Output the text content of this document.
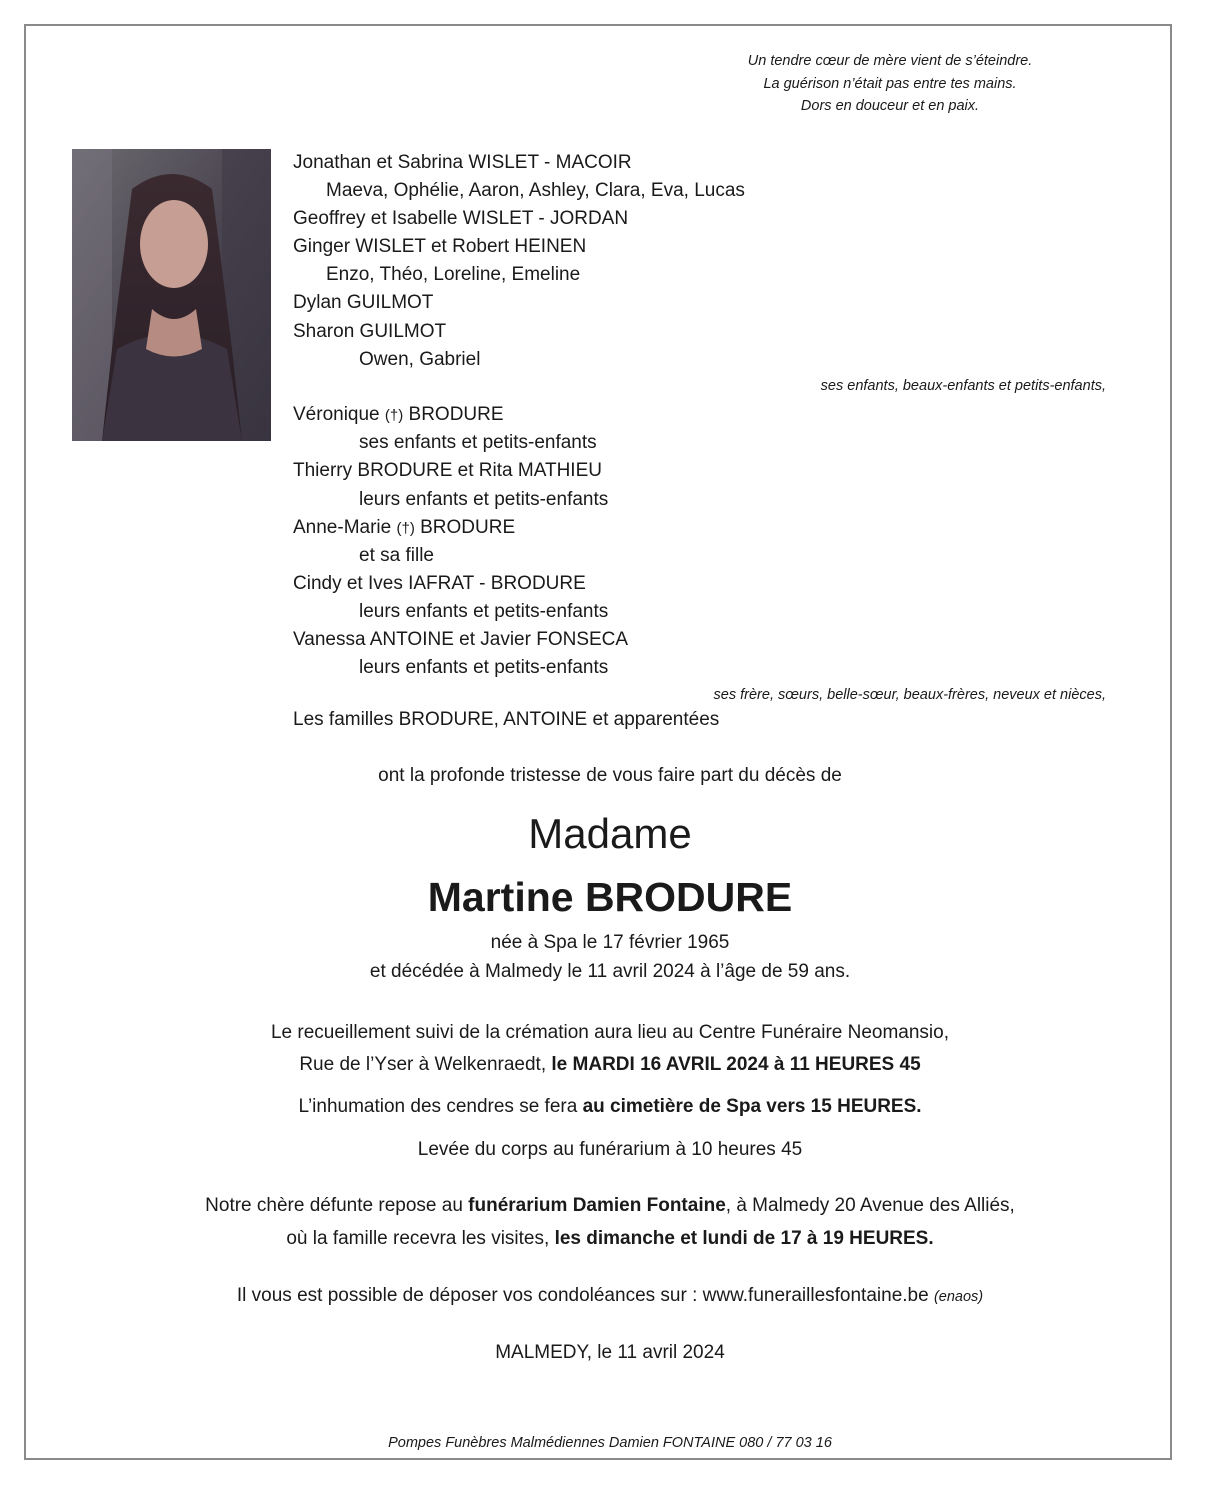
Un tendre cœur de mère vient de s’éteindre.
La guérison n’était pas entre tes mains.
Dors en douceur et en paix.
Jonathan et Sabrina WISLET - MACOIR
Maeva, Ophélie, Aaron, Ashley, Clara, Eva, Lucas
Geoffrey et Isabelle WISLET - JORDAN
Ginger WISLET et Robert HEINEN
Enzo, Théo, Loreline, Emeline
Dylan GUILMOT
Sharon GUILMOT
Owen, Gabriel
ses enfants, beaux-enfants et petits-enfants,
Véronique (†) BRODURE
ses enfants et petits-enfants
Thierry BRODURE et Rita MATHIEU
leurs enfants et petits-enfants
Anne-Marie (†) BRODURE
et sa fille
Cindy et Ives IAFRAT - BRODURE
leurs enfants et petits-enfants
Vanessa ANTOINE et Javier FONSECA
leurs enfants et petits-enfants
ses frère, sœurs, belle-sœur, beaux-frères, neveux et nièces,
Les familles BRODURE, ANTOINE et apparentées
ont la profonde tristesse de vous faire part du décès de
Madame
Martine BRODURE
née à Spa le 17 février 1965
et décédée à Malmedy le 11 avril 2024 à l’âge de 59 ans.
Le recueillement suivi de la crémation aura lieu au Centre Funéraire Neomansio,
Rue de l’Yser à Welkenraedt, le MARDI 16 AVRIL 2024 à 11 HEURES 45
L’inhumation des cendres se fera au cimetière de Spa vers 15 HEURES.
Levée du corps au funérarium à 10 heures 45
Notre chère défunte repose au funérarium Damien Fontaine, à Malmedy 20 Avenue des Alliés,
où la famille recevra les visites, les dimanche et lundi de 17 à 19 HEURES.
Il vous est possible de déposer vos condoléances sur : www.funeraillesfontaine.be (enaos)
MALMEDY, le 11 avril 2024
Pompes Funèbres Malmédiennes Damien FONTAINE 080 / 77 03 16
